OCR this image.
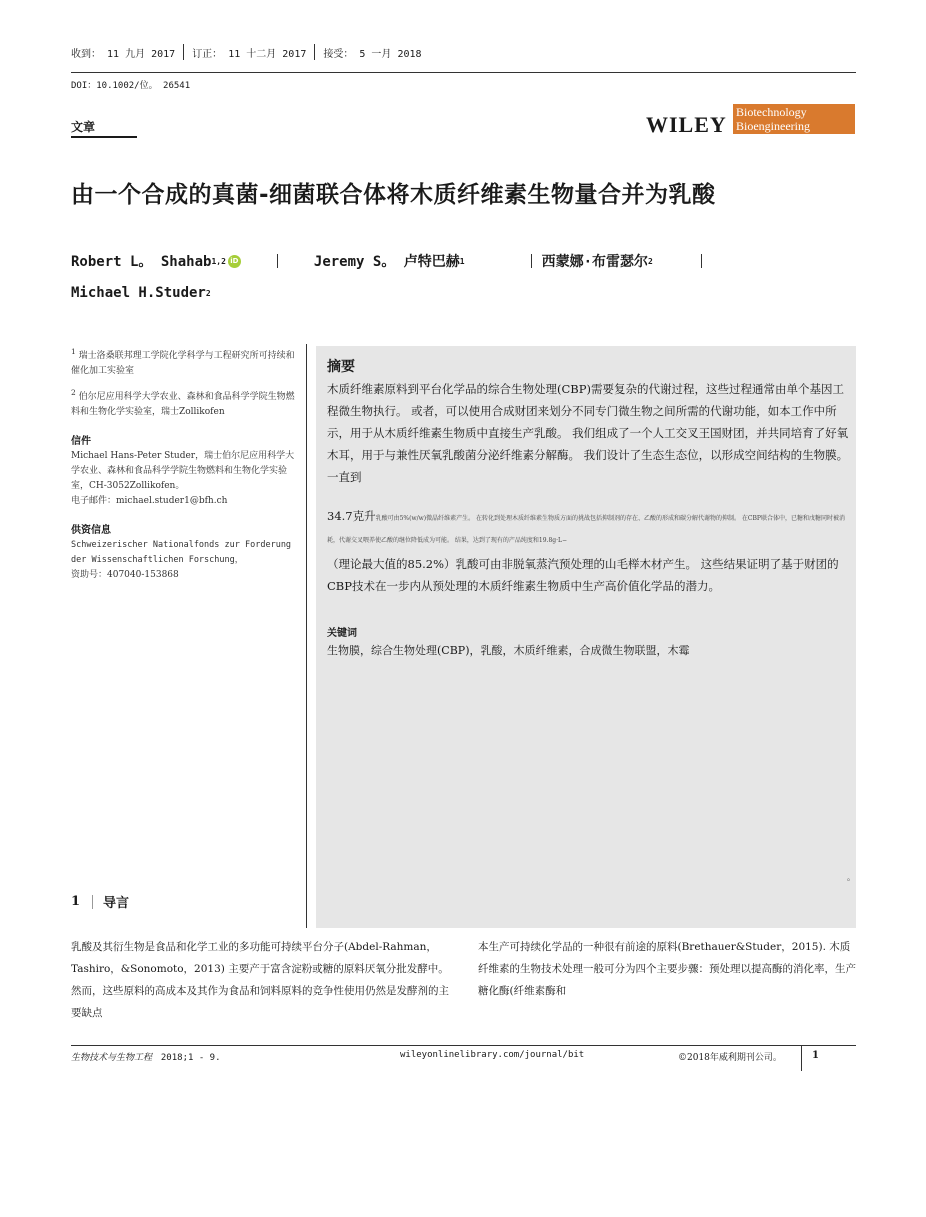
收到： 11 九月 2017	订正： 11 十二月 2017	接受： 5 一月 2018
DOI：10.1002/位。 26541
文章	WILEY Biotechnology
Bioengineering
由一个合成的真菌-细菌联合体将木质纤维素生物量合并为乳酸
Robert L。 Shahab 1,2 iD	Jeremy S。 卢特巴赫 1	西蒙娜·布雷瑟尔 2
Michael H.Studer 2
$^1$ 瑞士洛桑联邦理工学院化学科学与工程研究所可持续和催化加工实验室
$^2$ 伯尔尼应用科学大学农业、森林和食品科学学院生物燃料和生物化学实验室，瑞士Zollikofen
信件
Michael Hans-Peter Studer，瑞士伯尔尼应用科学大学农业、森林和食品科学学院生物燃料和生物化学实验室，CH-3052Zollikofen。
电子邮件：michael.studer1@bfh.ch
供资信息
Schweizerischer Nationalfonds zur Forderung der Wissenschaftlichen Forschung，
资助号：407040-153868
摘要
木质纤维素原料到平台化学品的综合生物处理(CBP)需要复杂的代谢过程，这些过程通常由单个基因工程微生物执行。 或者，可以使用合成财团来划分不同专门微生物之间所需的代谢功能，如本工作中所示，用于从木质纤维素生物质中直接生产乳酸。 我们组成了一个人工交叉王国财团，并共同培育了好氧木耳，用于与兼性厌氧乳酸菌分泌纤维素分解酶。 我们设计了生态生态位，以形成空间结构的生物膜。 一直到
34.7克升乳酸可由5%(w/w)微晶纤维素产生。 在转化到处理木质纤维素生物质方面的挑战包括抑制剂的存在、乙酸的形成和碳分解代谢物的抑制。 在CBP联合体中，已糖和戊糖同时被消耗，代谢交叉喂养使乙酸的继位降低成为可能。 结果，达到了现有的产品纯度和19.8g·L−
（理论最大值的85.2%）乳酸可由非脱氧蒸汽预处理的山毛榉木材产生。 这些结果证明了基于财团的CBP技术在一步内从预处理的木质纤维素生物质中生产高价值化学品的潜力。
关键词
生物膜，综合生物处理(CBP)，乳酸，木质纤维素，合成微生物联盟，木霉
。
1 导言
乳酸及其衍生物是食品和化学工业的多功能可持续平台分子(Abdel-Rahman，Tashiro，&Sonomoto，2013) 主要产于富含淀粉或糖的原料厌氧分批发酵中。 然而，这些原料的高成本及其作为食品和饲料原料的竞争性使用仍然是发酵剂的主要缺点
本生产可持续化学品的一种很有前途的原料(Brethauer&Studer，2015). 木质纤维素的生物技术处理一般可分为四个主要步骤：预处理以提高酶的消化率，生产糖化酶(纤维素酶和
生物技术与生物工程 2018;1 - 9.	wileyonlinelibrary.com/journal/bit	©2018年威利期刊公司。	1
